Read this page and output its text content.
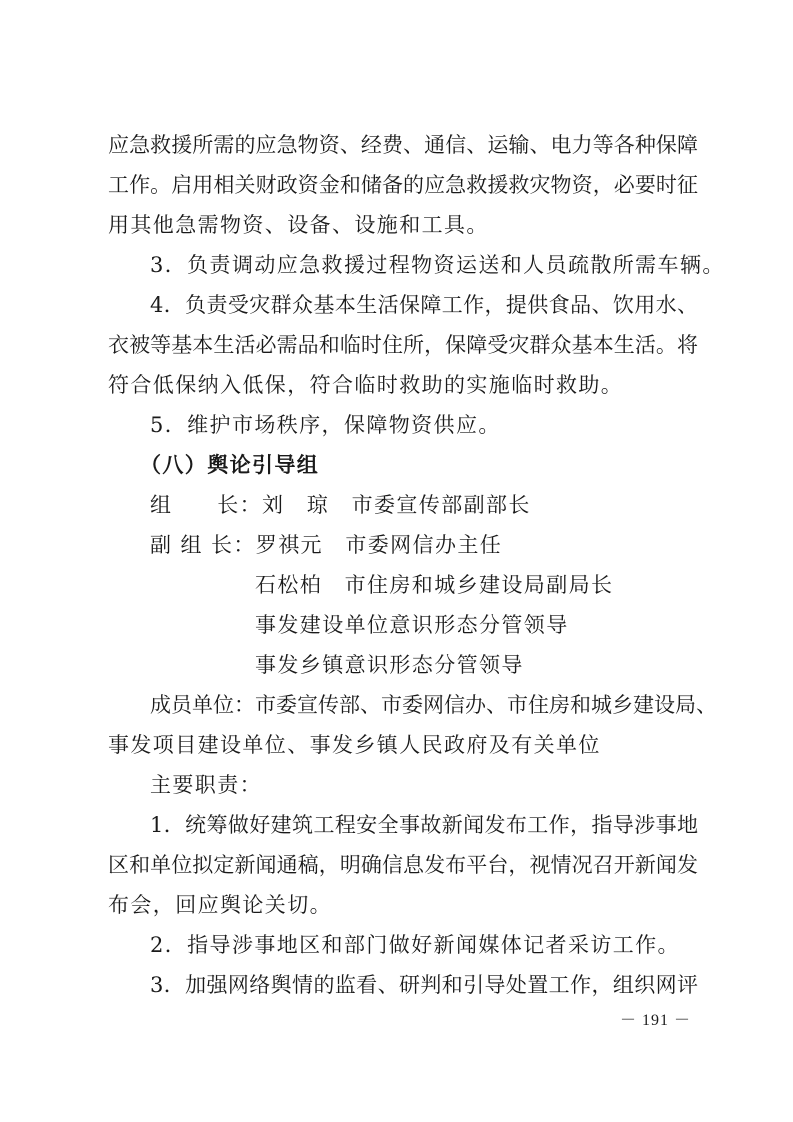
应急救援所需的应急物资、经费、通信、运输、电力等各种保障
工作。启用相关财政资金和储备的应急救援救灾物资，必要时征
用其他急需物资、设备、设施和工具。
3．负责调动应急救援过程物资运送和人员疏散所需车辆。
4．负责受灾群众基本生活保障工作，提供食品、饮用水、
衣被等基本生活必需品和临时住所，保障受灾群众基本生活。将
符合低保纳入低保，符合临时救助的实施临时救助。
5．维护市场秩序，保障物资供应。
（八）舆论引导组
组　　长：刘　琼　市委宣传部副部长
副 组 长：罗祺元　市委网信办主任
石松柏　市住房和城乡建设局副局长
事发建设单位意识形态分管领导
事发乡镇意识形态分管领导
成员单位：市委宣传部、市委网信办、市住房和城乡建设局、
事发项目建设单位、事发乡镇人民政府及有关单位
主要职责：
1．统筹做好建筑工程安全事故新闻发布工作，指导涉事地
区和单位拟定新闻通稿，明确信息发布平台，视情况召开新闻发
布会，回应舆论关切。
2．指导涉事地区和部门做好新闻媒体记者采访工作。
3．加强网络舆情的监看、研判和引导处置工作，组织网评
－ 191 －
